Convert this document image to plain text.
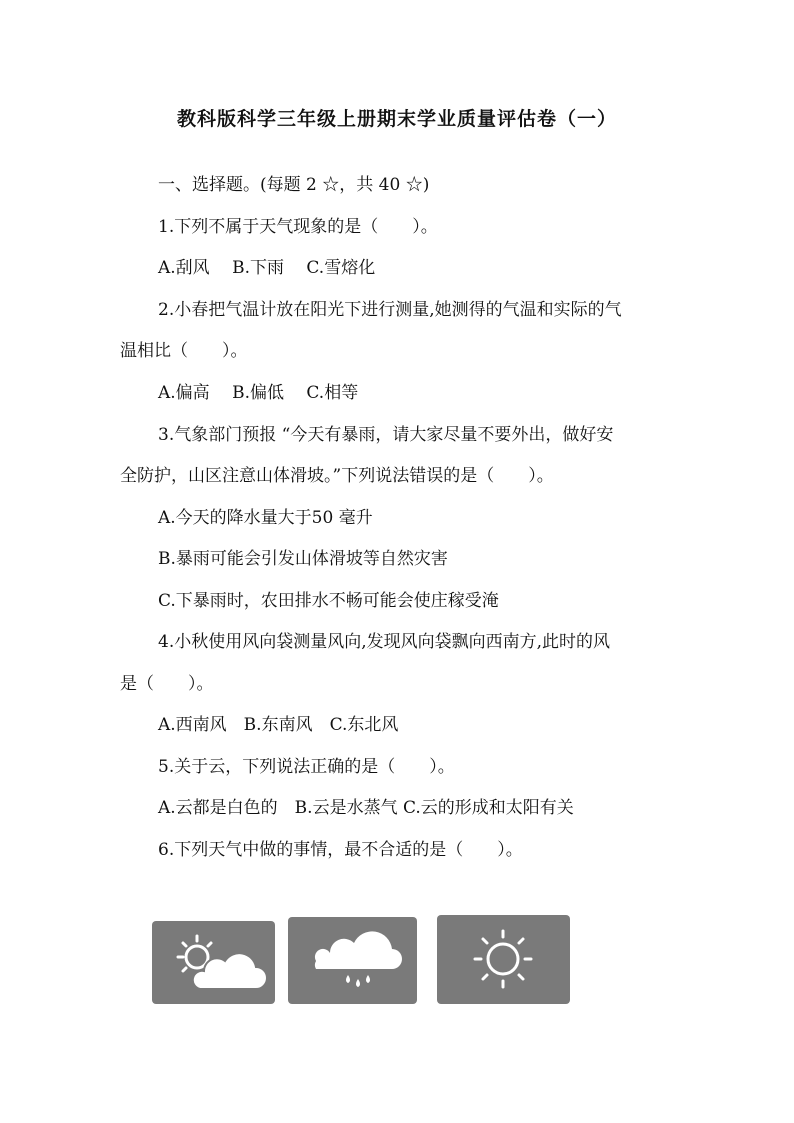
教科版科学三年级上册期末学业质量评估卷（一）
一、选择题。(每题 2 ☆，共 40 ☆)
1.下列不属于天气现象的是（　　）。
A.刮风　 B.下雨　 C.雪熔化
2.小春把气温计放在阳光下进行测量,她测得的气温和实际的气
温相比（　　）。
A.偏高　 B.偏低　 C.相等
3.气象部门预报 “今天有暴雨，请大家尽量不要外出，做好安
全防护，山区注意山体滑坡。”下列说法错误的是（　　）。
A.今天的降水量大于50 毫升
B.暴雨可能会引发山体滑坡等自然灾害
C.下暴雨时，农田排水不畅可能会使庄稼受淹
4.小秋使用风向袋测量风向,发现风向袋飘向西南方,此时的风
是（　　）。
A.西南风　B.东南风　C.东北风
5.关于云，下列说法正确的是（　　）。
A.云都是白色的　B.云是水蒸气 C.云的形成和太阳有关
6.下列天气中做的事情，最不合适的是（　　）。
